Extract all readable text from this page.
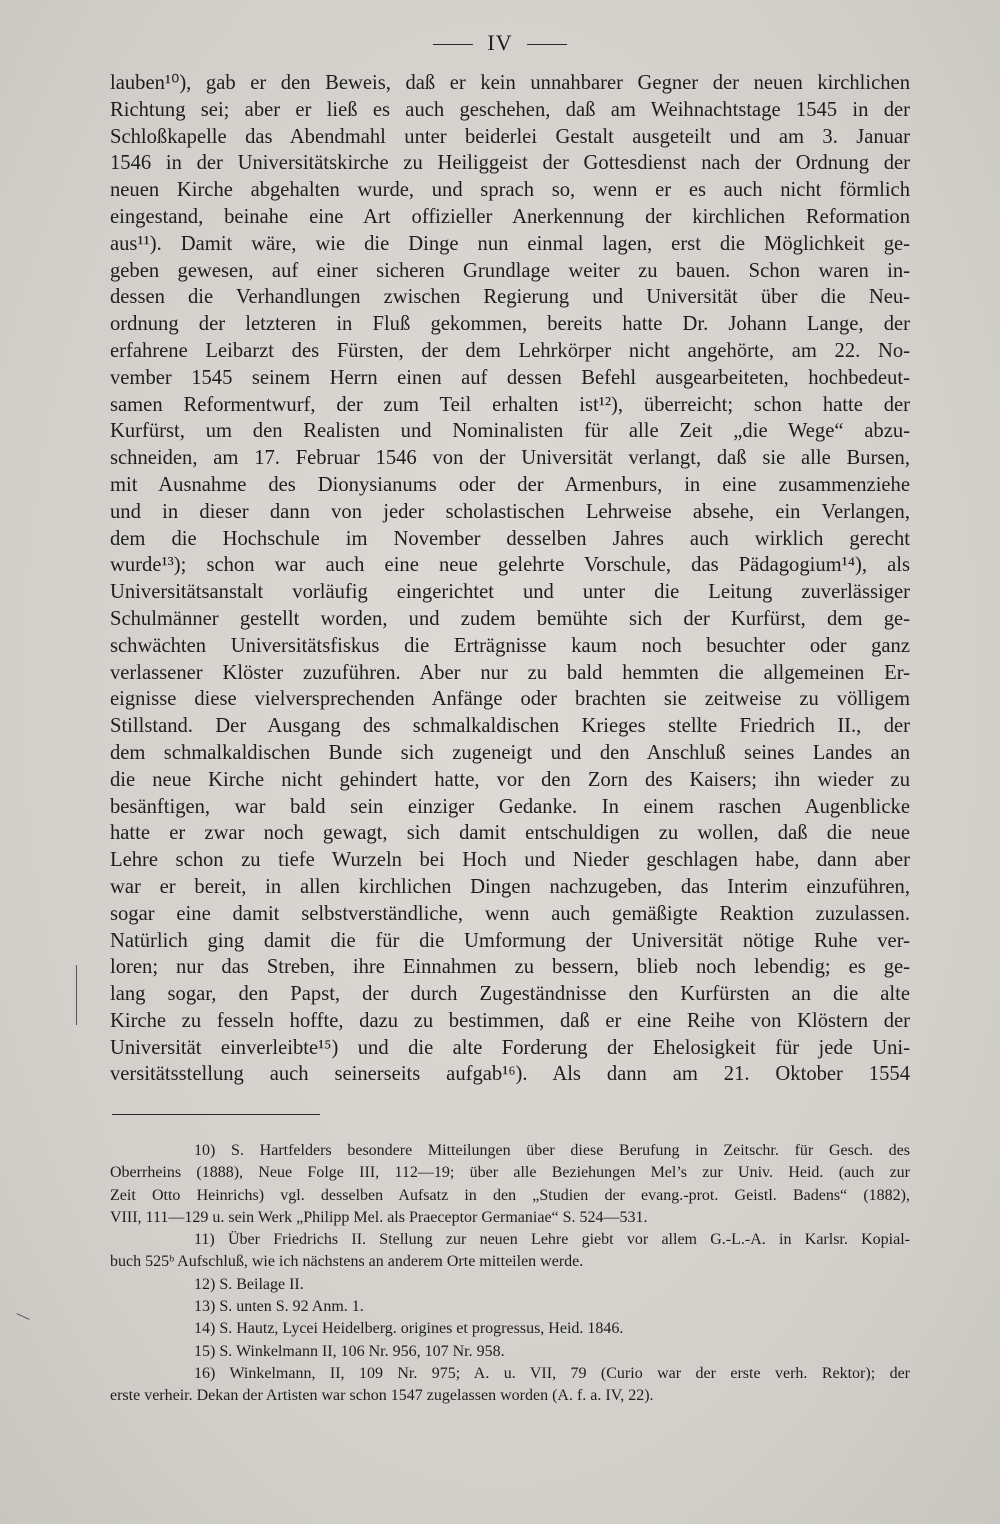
IV
lauben¹⁰), gab er den Beweis, daß er kein unnahbarer Gegner der neuen kirchlichen
Richtung sei; aber er ließ es auch geschehen, daß am Weihnachtstage 1545 in der
Schloßkapelle das Abendmahl unter beiderlei Gestalt ausgeteilt und am 3. Januar
1546 in der Universitätskirche zu Heiliggeist der Gottesdienst nach der Ordnung der
neuen Kirche abgehalten wurde, und sprach so, wenn er es auch nicht förmlich
eingestand, beinahe eine Art offizieller Anerkennung der kirchlichen Reformation
aus¹¹). Damit wäre, wie die Dinge nun einmal lagen, erst die Möglichkeit ge-
geben gewesen, auf einer sicheren Grundlage weiter zu bauen. Schon waren in-
dessen die Verhandlungen zwischen Regierung und Universität über die Neu-
ordnung der letzteren in Fluß gekommen, bereits hatte Dr. Johann Lange, der
erfahrene Leibarzt des Fürsten, der dem Lehrkörper nicht angehörte, am 22. No-
vember 1545 seinem Herrn einen auf dessen Befehl ausgearbeiteten, hochbedeut-
samen Reformentwurf, der zum Teil erhalten ist¹²), überreicht; schon hatte der
Kurfürst, um den Realisten und Nominalisten für alle Zeit „die Wege“ abzu-
schneiden, am 17. Februar 1546 von der Universität verlangt, daß sie alle Bursen,
mit Ausnahme des Dionysianums oder der Armenburs, in eine zusammenziehe
und in dieser dann von jeder scholastischen Lehrweise absehe, ein Verlangen,
dem die Hochschule im November desselben Jahres auch wirklich gerecht
wurde¹³); schon war auch eine neue gelehrte Vorschule, das Pädagogium¹⁴), als
Universitätsanstalt vorläufig eingerichtet und unter die Leitung zuverlässiger
Schulmänner gestellt worden, und zudem bemühte sich der Kurfürst, dem ge-
schwächten Universitätsfiskus die Erträgnisse kaum noch besuchter oder ganz
verlassener Klöster zuzuführen. Aber nur zu bald hemmten die allgemeinen Er-
eignisse diese vielversprechenden Anfänge oder brachten sie zeitweise zu völligem
Stillstand. Der Ausgang des schmalkaldischen Krieges stellte Friedrich II., der
dem schmalkaldischen Bunde sich zugeneigt und den Anschluß seines Landes an
die neue Kirche nicht gehindert hatte, vor den Zorn des Kaisers; ihn wieder zu
besänftigen, war bald sein einziger Gedanke. In einem raschen Augenblicke
hatte er zwar noch gewagt, sich damit entschuldigen zu wollen, daß die neue
Lehre schon zu tiefe Wurzeln bei Hoch und Nieder geschlagen habe, dann aber
war er bereit, in allen kirchlichen Dingen nachzugeben, das Interim einzuführen,
sogar eine damit selbstverständliche, wenn auch gemäßigte Reaktion zuzulassen.
Natürlich ging damit die für die Umformung der Universität nötige Ruhe ver-
loren; nur das Streben, ihre Einnahmen zu bessern, blieb noch lebendig; es ge-
lang sogar, den Papst, der durch Zugeständnisse den Kurfürsten an die alte
Kirche zu fesseln hoffte, dazu zu bestimmen, daß er eine Reihe von Klöstern der
Universität einverleibte¹⁵) und die alte Forderung der Ehelosigkeit für jede Uni-
versitätsstellung auch seinerseits aufgab¹⁶). Als dann am 21. Oktober 1554
10) S. Hartfelders besondere Mitteilungen über diese Berufung in Zeitschr. für Gesch. des
Oberrheins (1888), Neue Folge III, 112—19; über alle Beziehungen Mel’s zur Univ. Heid. (auch zur
Zeit Otto Heinrichs) vgl. desselben Aufsatz in den „Studien der evang.-prot. Geistl. Badens“ (1882),
VIII, 111—129 u. sein Werk „Philipp Mel. als Praeceptor Germaniae“ S. 524—531.
11) Über Friedrichs II. Stellung zur neuen Lehre giebt vor allem G.-L.-A. in Karlsr. Kopial-
buch 525ᵇ Aufschluß, wie ich nächstens an anderem Orte mitteilen werde.
12) S. Beilage II.
13) S. unten S. 92 Anm. 1.
14) S. Hautz, Lycei Heidelberg. origines et progressus, Heid. 1846.
15) S. Winkelmann II, 106 Nr. 956, 107 Nr. 958.
16) Winkelmann, II, 109 Nr. 975; A. u. VII, 79 (Curio war der erste verh. Rektor); der
erste verheir. Dekan der Artisten war schon 1547 zugelassen worden (A. f. a. IV, 22).
